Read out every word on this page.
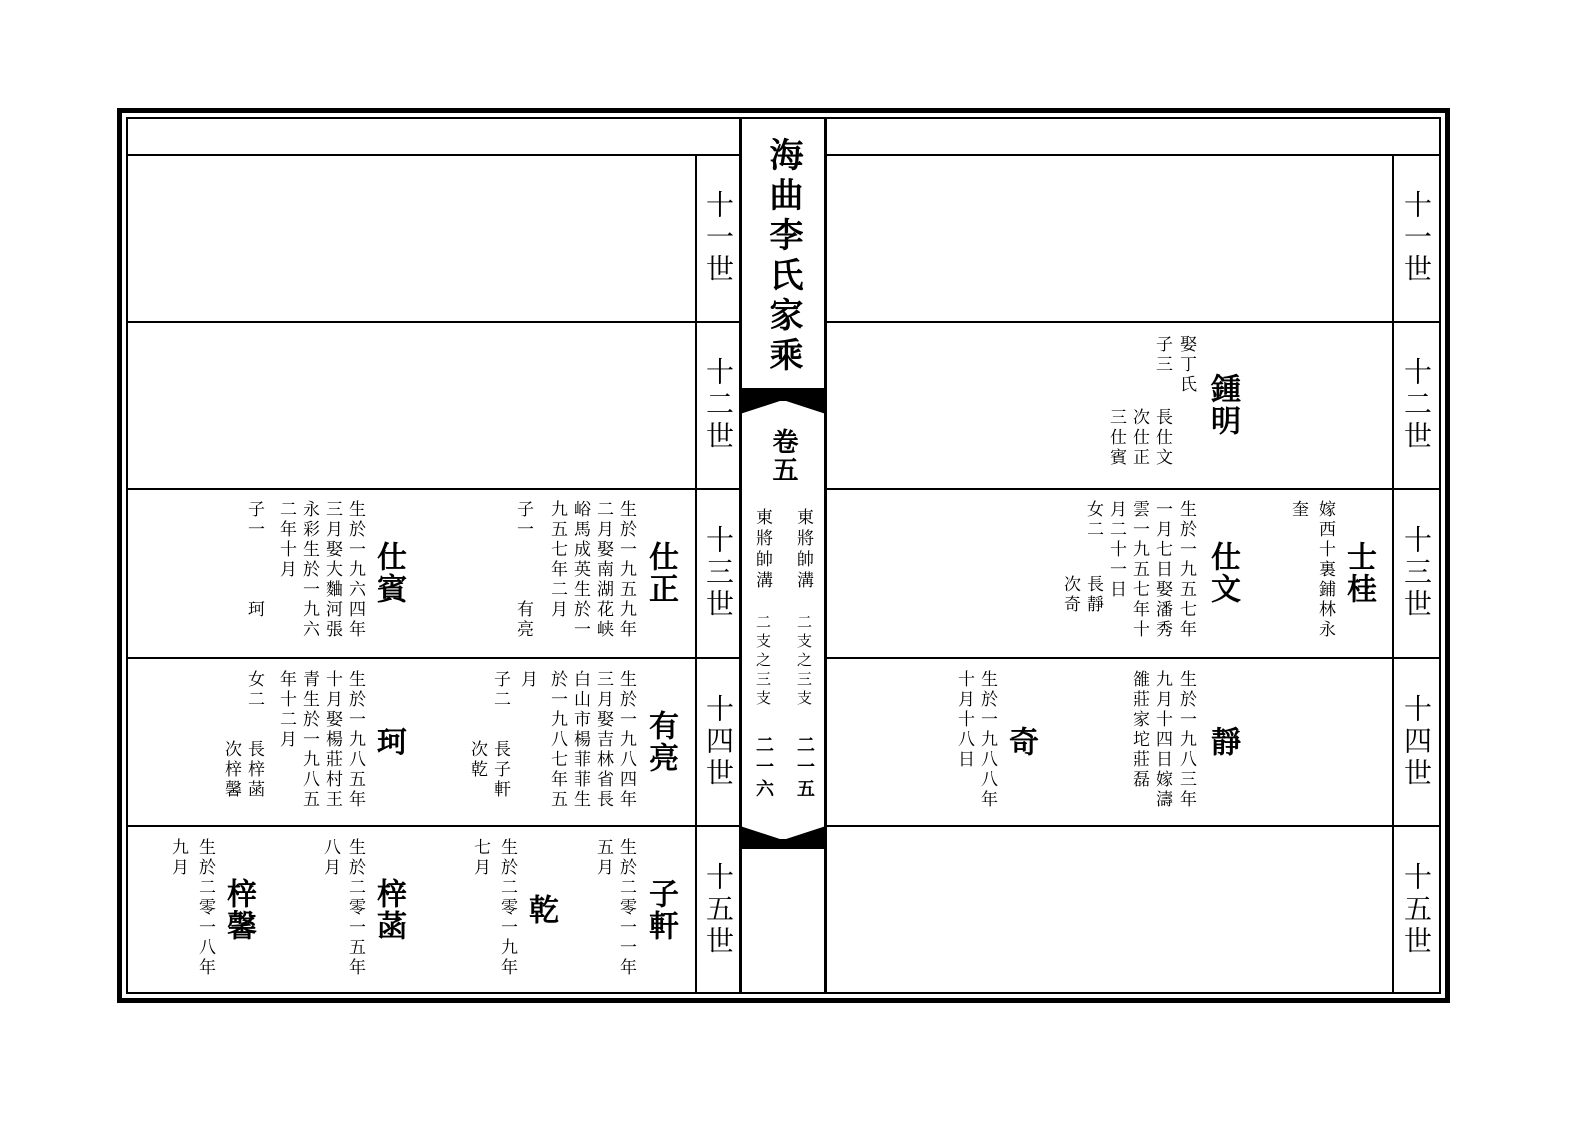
海曲李氏家乘
卷五
東將帥溝
二支之三支
二一五
東將帥溝
二支之三支
二一六
十一世
十二世
十三世
十四世
十五世
十一世
十二世
十三世
十四世
十五世
鍾明
娶丁氏
子三
長仕文
次仕正
三仕賓
士桂
嫁西十裏鋪林永
奎
仕文
生於一九五七年
一月七日娶潘秀
雲一九五七年十
月二十一日
女二
長靜
次奇
靜
生於一九八三年
九月十四日嫁濤
雒莊家坨莊磊
奇
生於一九八八年
十月十八日
仕正
生於一九五九年
二月娶南湖花峡
峪馬成英生於一
九五七年二月
子一
有亮
仕賓
生於一九六四年
三月娶大麯河張
永彩生於一九六
二年十月
子一
珂
有亮
生於一九八四年
三月娶吉林省長
白山市楊菲菲生
於一九八七年五
月
子二
長子軒
次乾
珂
生於一九八五年
十月娶楊莊村王
青生於一九八五
年十二月
女二
長梓菡
次梓馨
子軒
生於二零一一年
五月
乾
生於二零一九年
七月
梓菡
生於二零一五年
八月
梓馨
生於二零一八年
九月
